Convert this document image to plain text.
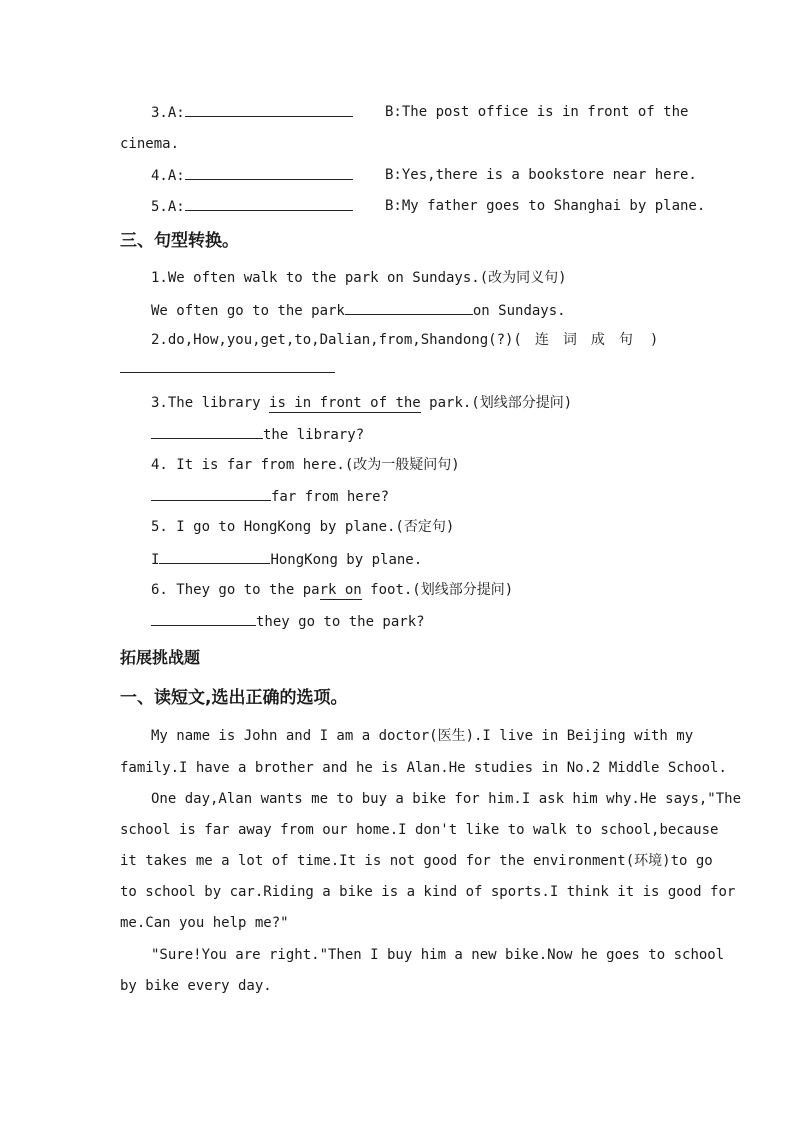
3.A:	B:The post office is in front of the
cinema.
4.A:	B:Yes,there is a bookstore near here.
5.A:	B:My father goes to Shanghai by plane.
三、句型转换。
1.We often walk to the park on Sundays.(改为同义句)
We often go to the park	on Sundays.
2.do,How,you,get,to,Dalian,from,Shandong(?)( 连 词 成 句 )
3.The library is in front of the park.(划线部分提问)
the library?
4. It is far from here.(改为一般疑问句)
far from here?
5. I go to HongKong by plane.(否定句)
I	HongKong by plane.
6. They go to the park on foot.(划线部分提问)
they go to the park?
拓展挑战题
一、读短文,选出正确的选项。
My name is John and I am a doctor(医生).I live in Beijing with my
family.I have a brother and he is Alan.He studies in No.2 Middle School.
One day,Alan wants me to buy a bike for him.I ask him why.He says,"The
school is far away from our home.I don't like to walk to school,because
it takes me a lot of time.It is not good for the environment(环境)to go
to school by car.Riding a bike is a kind of sports.I think it is good for
me.Can you help me?"
"Sure!You are right."Then I buy him a new bike.Now he goes to school
by bike every day.
